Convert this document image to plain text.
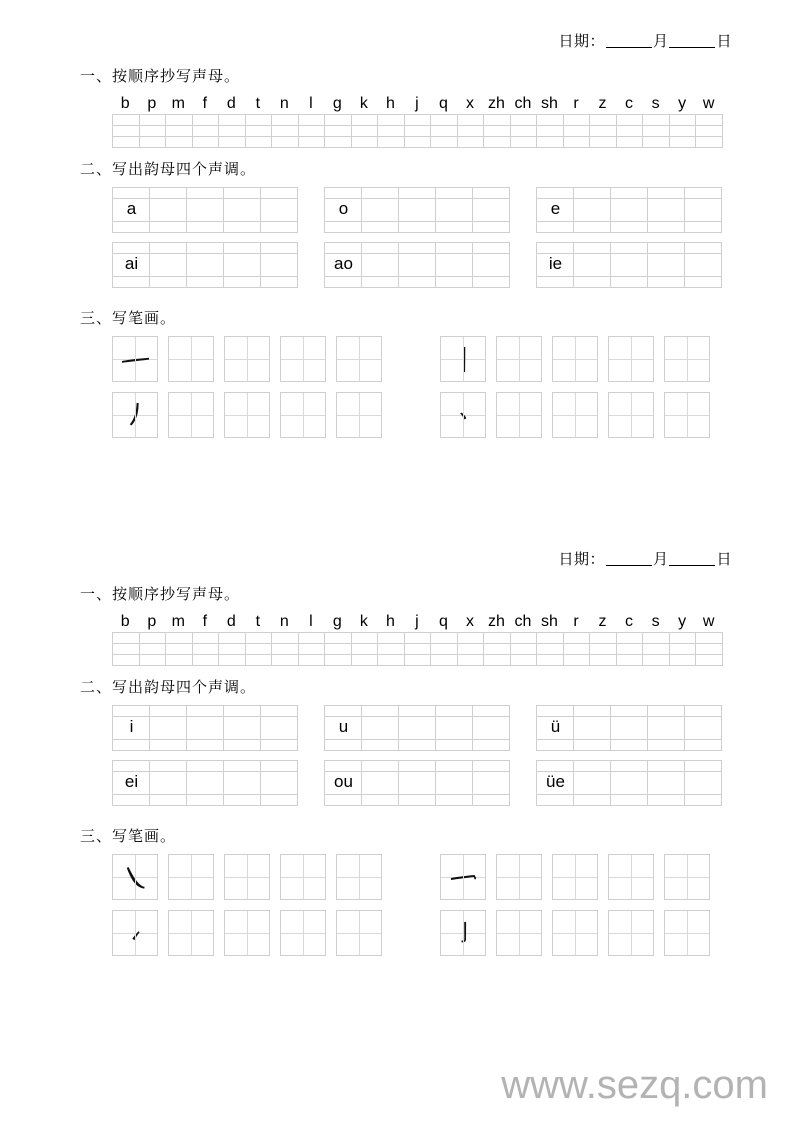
日期：	月	日
一、按顺序抄写声母。
b	p m	f	d	t	n	l	g	k	h	j	q	x zh ch sh r	z	c	s	y	w
二、写出韵母四个声调。
a	o	e
ai	ao	ie
三、写笔画。
日期：	月	日
一、按顺序抄写声母。
b	p m	f	d	t	n	l	g	k	h	j	q	x zh ch sh r	z	c	s	y	w
二、写出韵母四个声调。
i	u	ü
ei	ou	üe
三、写笔画。
www.sezq.com
